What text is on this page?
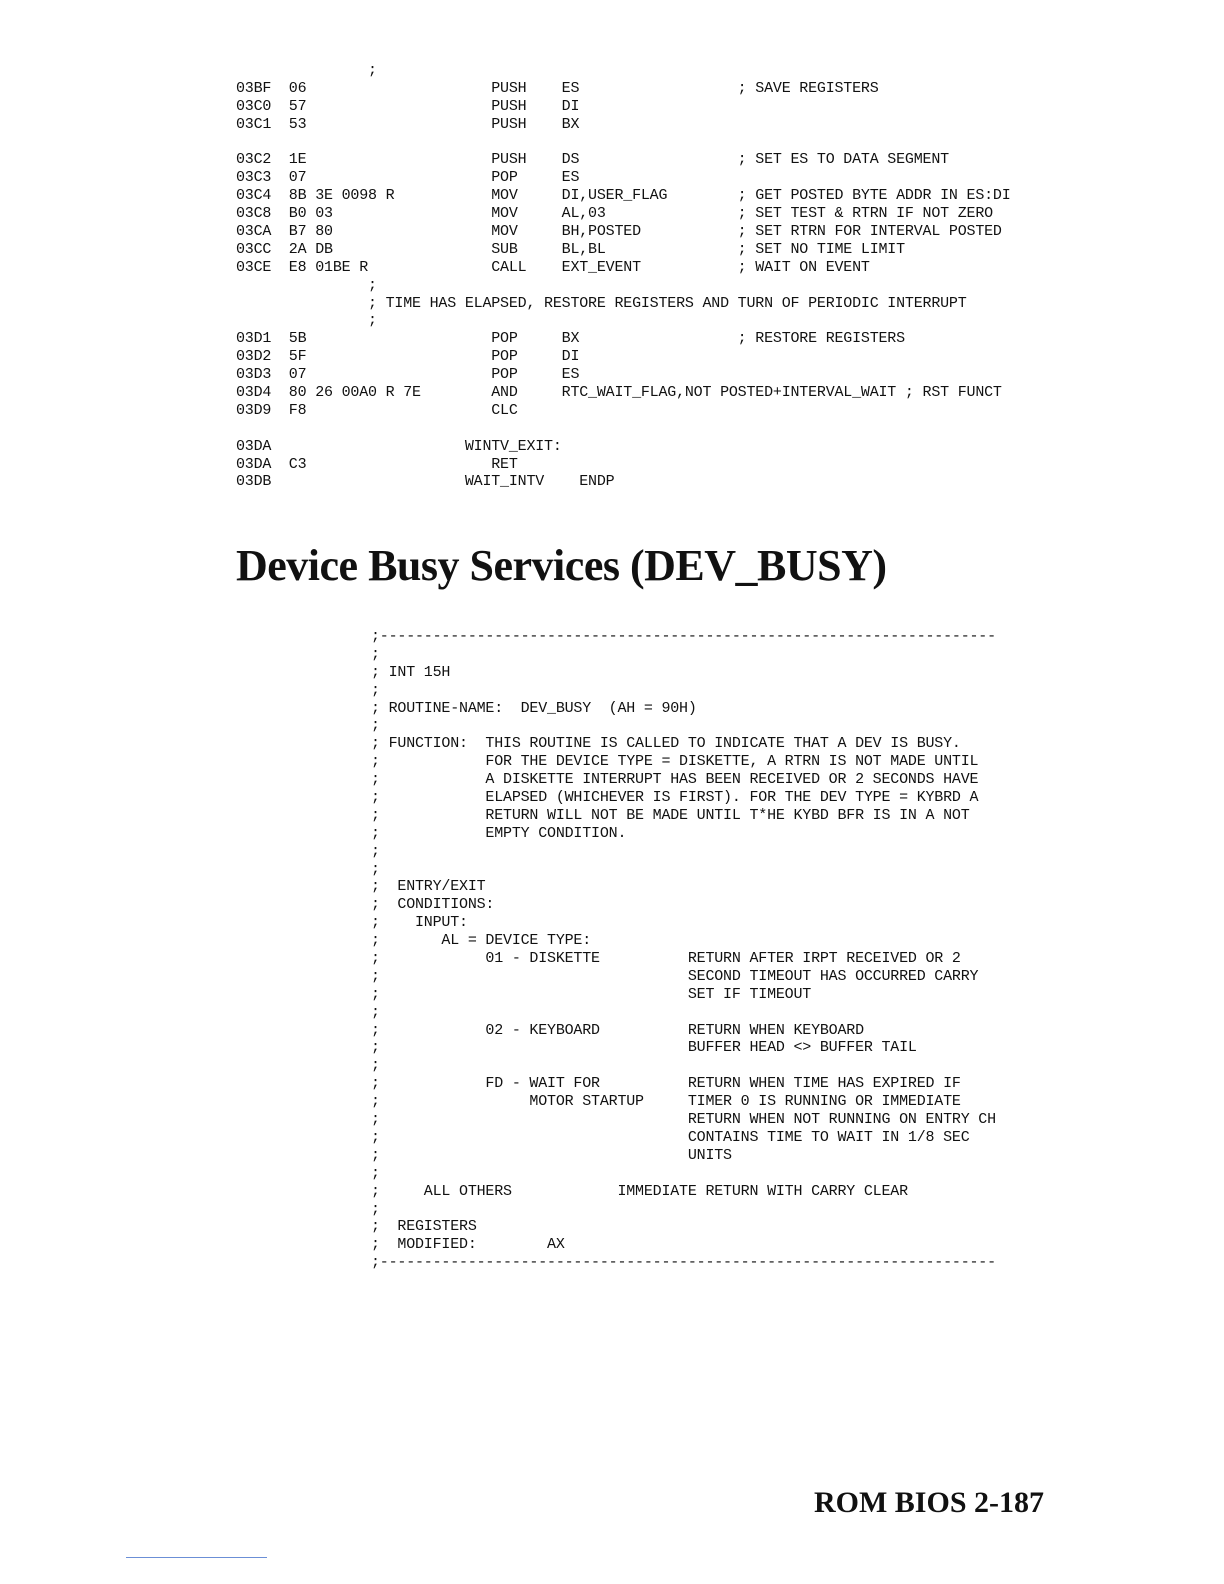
;
03BF  06                     PUSH    ES                  ; SAVE REGISTERS
03C0  57                     PUSH    DI
03C1  53                     PUSH    BX

03C2  1E                     PUSH    DS                  ; SET ES TO DATA SEGMENT
03C3  07                     POP     ES
03C4  8B 3E 0098 R           MOV     DI,USER_FLAG        ; GET POSTED BYTE ADDR IN ES:DI
03C8  B0 03                  MOV     AL,03               ; SET TEST & RTRN IF NOT ZERO
03CA  B7 80                  MOV     BH,POSTED           ; SET RTRN FOR INTERVAL POSTED
03CC  2A DB                  SUB     BL,BL               ; SET NO TIME LIMIT
03CE  E8 01BE R              CALL    EXT_EVENT           ; WAIT ON EVENT
;
; TIME HAS ELAPSED, RESTORE REGISTERS AND TURN OF PERIODIC INTERRUPT
;
03D1  5B                     POP     BX                  ; RESTORE REGISTERS
03D2  5F                     POP     DI
03D3  07                     POP     ES
03D4  80 26 00A0 R 7E        AND     RTC_WAIT_FLAG,NOT POSTED+INTERVAL_WAIT ; RST FUNCT
03D9  F8                     CLC

03DA                      WINTV_EXIT:
03DA  C3                     RET
03DB                      WAIT_INTV    ENDP
Device Busy Services (DEV_BUSY)
;----------------------------------------------------------------------
;
; INT 15H
;
; ROUTINE-NAME:  DEV_BUSY  (AH = 90H)
;
; FUNCTION:  THIS ROUTINE IS CALLED TO INDICATE THAT A DEV IS BUSY.
;            FOR THE DEVICE TYPE = DISKETTE, A RTRN IS NOT MADE UNTIL
;            A DISKETTE INTERRUPT HAS BEEN RECEIVED OR 2 SECONDS HAVE
;            ELAPSED (WHICHEVER IS FIRST). FOR THE DEV TYPE = KYBRD A
;            RETURN WILL NOT BE MADE UNTIL T*HE KYBD BFR IS IN A NOT
;            EMPTY CONDITION.
;
;
;  ENTRY/EXIT
;  CONDITIONS:
;    INPUT:
;       AL = DEVICE TYPE:
;            01 - DISKETTE          RETURN AFTER IRPT RECEIVED OR 2
;                                   SECOND TIMEOUT HAS OCCURRED CARRY
;                                   SET IF TIMEOUT
;
;            02 - KEYBOARD          RETURN WHEN KEYBOARD
;                                   BUFFER HEAD <> BUFFER TAIL
;
;            FD - WAIT FOR          RETURN WHEN TIME HAS EXPIRED IF
;                 MOTOR STARTUP     TIMER 0 IS RUNNING OR IMMEDIATE
;                                   RETURN WHEN NOT RUNNING ON ENTRY CH
;                                   CONTAINS TIME TO WAIT IN 1/8 SEC
;                                   UNITS
;
;     ALL OTHERS            IMMEDIATE RETURN WITH CARRY CLEAR
;
;  REGISTERS
;  MODIFIED:        AX
;----------------------------------------------------------------------
ROM BIOS 2-187
